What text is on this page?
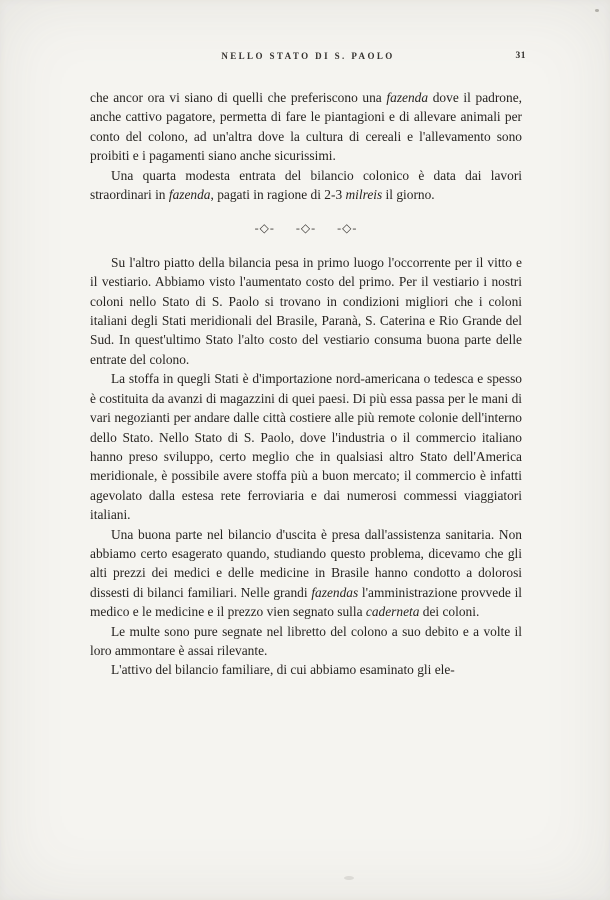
NELLO STATO DI S. PAOLO	31

che ancor ora vi siano di quelli che preferiscono una fazenda dove il padrone, anche cattivo pagatore, permetta di fare le piantagioni e di allevare animali per conto del colono, ad un'altra dove la cultura di cereali e l'allevamento sono proibiti e i pagamenti siano anche sicurissimi.

Una quarta modesta entrata del bilancio colonico è data dai lavori straordinari in fazenda, pagati in ragione di 2-3 milreis il giorno.

-◇- -◇- -◇-

Su l'altro piatto della bilancia pesa in primo luogo l'occorrente per il vitto e il vestiario. Abbiamo visto l'aumentato costo del primo. Per il vestiario i nostri coloni nello Stato di S. Paolo si trovano in condizioni migliori che i coloni italiani degli Stati meridionali del Brasile, Paranà, S. Caterina e Rio Grande del Sud. In quest'ultimo Stato l'alto costo del vestiario consuma buona parte delle entrate del colono.

La stoffa in quegli Stati è d'importazione nord-americana o tedesca e spesso è costituita da avanzi di magazzini di quei paesi. Di più essa passa per le mani di vari negozianti per andare dalle città costiere alle più remote colonie dell'interno dello Stato. Nello Stato di S. Paolo, dove l'industria o il commercio italiano hanno preso sviluppo, certo meglio che in qualsiasi altro Stato dell'America meridionale, è possibile avere stoffa più a buon mercato; il commercio è infatti agevolato dalla estesa rete ferroviaria e dai numerosi commessi viaggiatori italiani.

Una buona parte nel bilancio d'uscita è presa dall'assistenza sanitaria. Non abbiamo certo esagerato quando, studiando questo problema, dicevamo che gli alti prezzi dei medici e delle medicine in Brasile hanno condotto a dolorosi dissesti di bilanci familiari. Nelle grandi fazendas l'amministrazione provvede il medico e le medicine e il prezzo vien segnato sulla caderneta dei coloni.

Le multe sono pure segnate nel libretto del colono a suo debito e a volte il loro ammontare è assai rilevante.

L'attivo del bilancio familiare, di cui abbiamo esaminato gli ele-
